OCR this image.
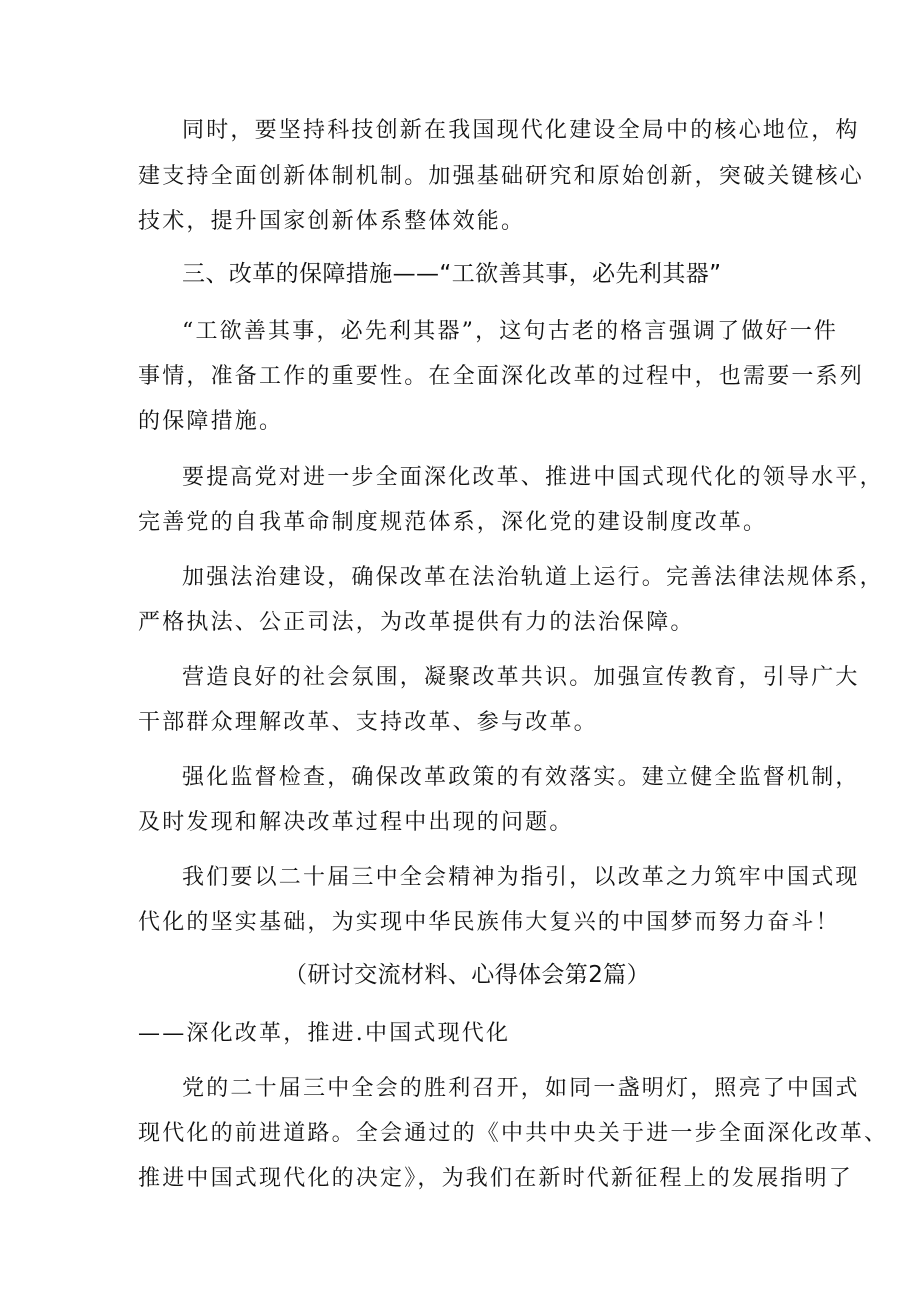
同时，要坚持科技创新在我国现代化建设全局中的核心地位，构
建支持全面创新体制机制。加强基础研究和原始创新，突破关键核心
技术，提升国家创新体系整体效能。
三、改革的保障措施——“工欲善其事，必先利其器”
“工欲善其事，必先利其器”，这句古老的格言强调了做好一件
事情，准备工作的重要性。在全面深化改革的过程中，也需要一系列
的保障措施。
要提高党对进一步全面深化改革、推进中国式现代化的领导水平，
完善党的自我革命制度规范体系，深化党的建设制度改革。
加强法治建设，确保改革在法治轨道上运行。完善法律法规体系，
严格执法、公正司法，为改革提供有力的法治保障。
营造良好的社会氛围，凝聚改革共识。加强宣传教育，引导广大
干部群众理解改革、支持改革、参与改革。
强化监督检查，确保改革政策的有效落实。建立健全监督机制，
及时发现和解决改革过程中出现的问题。
我们要以二十届三中全会精神为指引，以改革之力筑牢中国式现
代化的坚实基础，为实现中华民族伟大复兴的中国梦而努力奋斗！
（研讨交流材料、心得体会第2篇）
——深化改革，推进.中国式现代化
党的二十届三中全会的胜利召开，如同一盏明灯，照亮了中国式
现代化的前进道路。全会通过的《中共中央关于进一步全面深化改革、
推进中国式现代化的决定》，为我们在新时代新征程上的发展指明了
